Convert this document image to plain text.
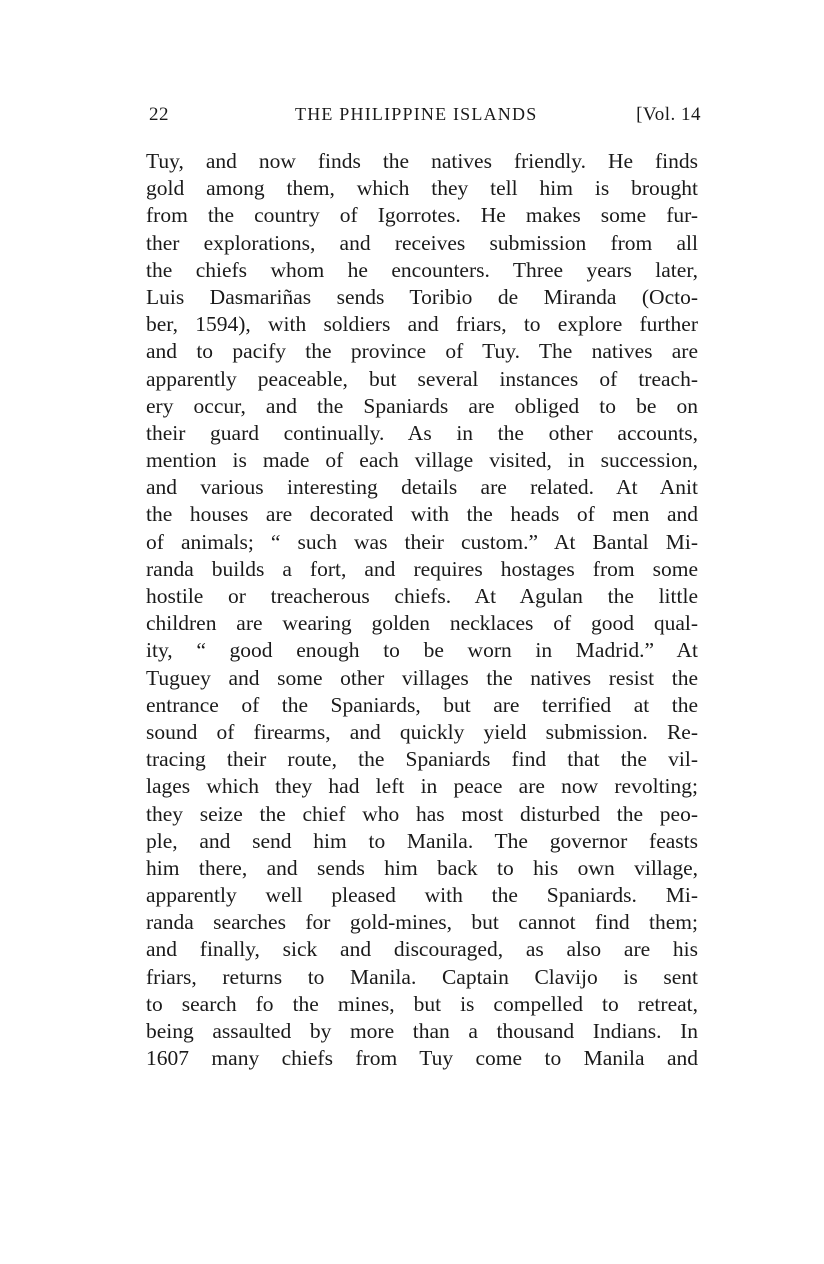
22	THE PHILIPPINE ISLANDS	[Vol. 14
Tuy, and now finds the natives friendly. He finds
gold among them, which they tell him is brought
from the country of Igorrotes. He makes some fur-
ther explorations, and receives submission from all
the chiefs whom he encounters. Three years later,
Luis Dasmariñas sends Toribio de Miranda (Octo-
ber, 1594), with soldiers and friars, to explore further
and to pacify the province of Tuy. The natives are
apparently peaceable, but several instances of treach-
ery occur, and the Spaniards are obliged to be on
their guard continually. As in the other accounts,
mention is made of each village visited, in succession,
and various interesting details are related. At Anit
the houses are decorated with the heads of men and
of animals; “ such was their custom.” At Bantal Mi-
randa builds a fort, and requires hostages from some
hostile or treacherous chiefs. At Agulan the little
children are wearing golden necklaces of good qual-
ity, “ good enough to be worn in Madrid.” At
Tuguey and some other villages the natives resist the
entrance of the Spaniards, but are terrified at the
sound of firearms, and quickly yield submission. Re-
tracing their route, the Spaniards find that the vil-
lages which they had left in peace are now revolting;
they seize the chief who has most disturbed the peo-
ple, and send him to Manila. The governor feasts
him there, and sends him back to his own village,
apparently well pleased with the Spaniards. Mi-
randa searches for gold-mines, but cannot find them;
and finally, sick and discouraged, as also are his
friars, returns to Manila. Captain Clavijo is sent
to search fo the mines, but is compelled to retreat,
being assaulted by more than a thousand Indians. In
1607 many chiefs from Tuy come to Manila and
